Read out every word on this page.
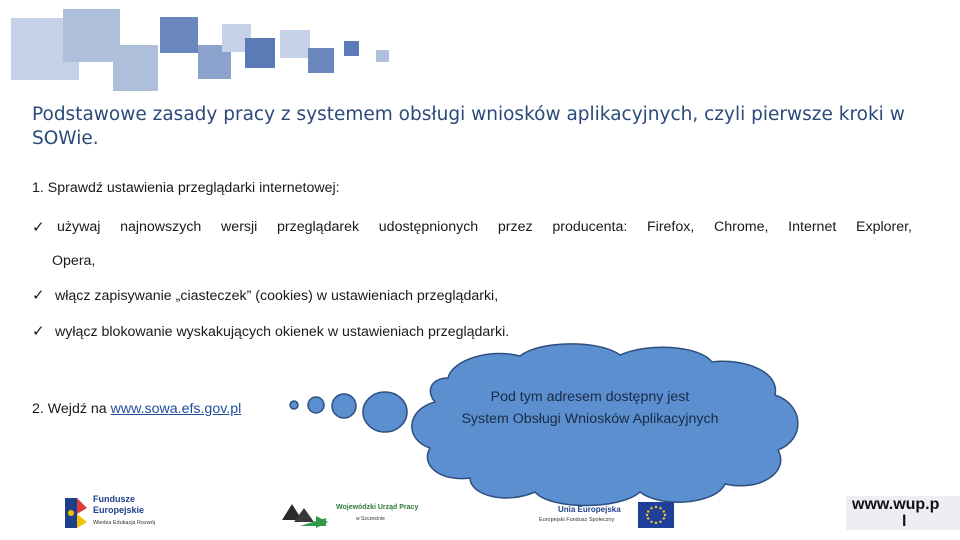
Podstawowe zasady pracy z systemem obsługi wniosków aplikacyjnych, czyli pierwsze kroki w SOWie.
1. Sprawdź ustawienia przeglądarki internetowej:
✓ używaj najnowszych wersji przeglądarek udostępnionych przez producenta: Firefox, Chrome, Internet Explorer,
Opera,
✓ włącz zapisywanie „ciasteczek” (cookies) w ustawieniach przeglądarki,
✓ wyłącz blokowanie wyskakujących okienek w ustawieniach przeglądarki.
2. Wejdź na www.sowa.efs.gov.pl
Pod tym adresem dostępny jest
System Obsługi Wniosków Aplikacyjnych
Fundusze
Europejskie
Wiedza Edukacja Rozwój
Wojewódzki Urząd Pracy
w Szczecinie
Unia Europejska
Europejski Fundusz Społeczny
www.wup.p
l
